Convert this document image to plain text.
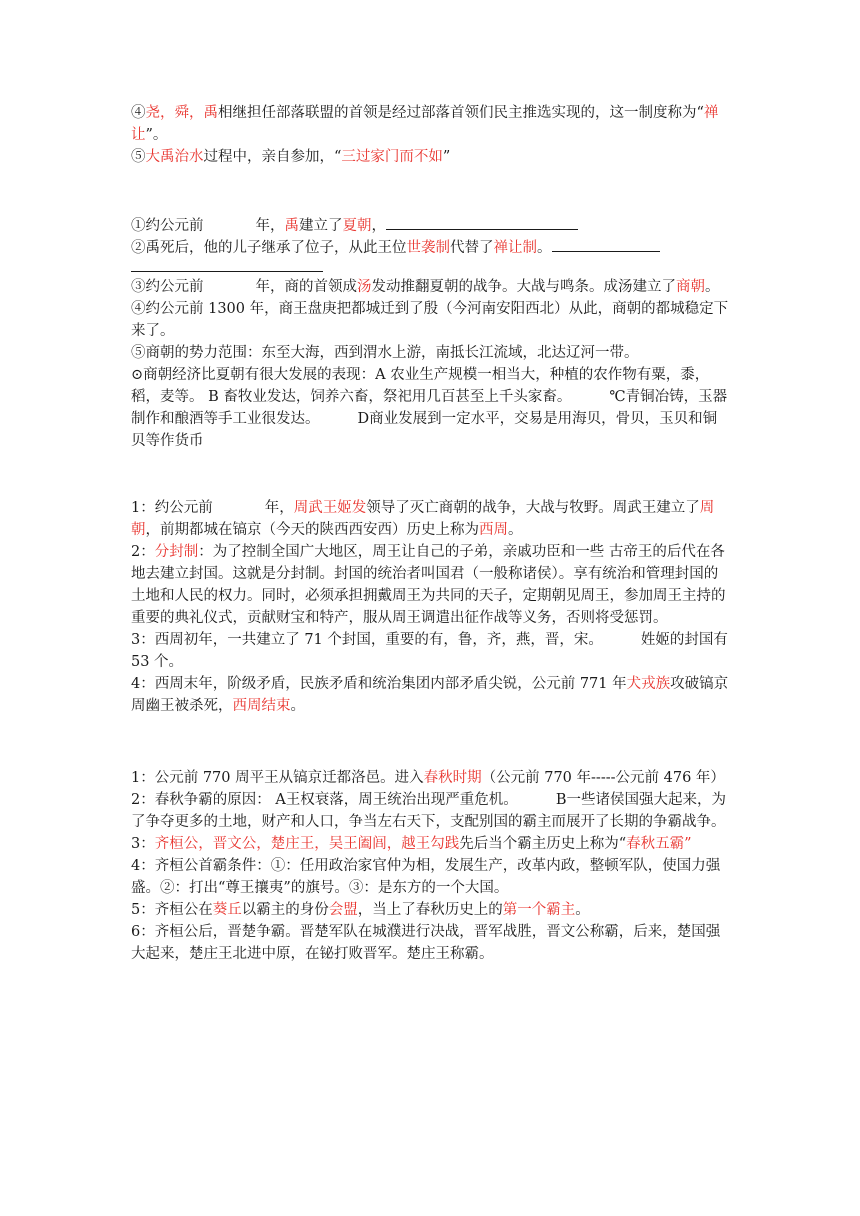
④尧，舜，禹相继担任部落联盟的首领是经过部落首领们民主推选实现的，这一制度称为“禅让”。

⑤大禹治水过程中，亲自参加，“三过家门而不如”

①约公元前	年，禹建立了夏朝，

②禹死后，他的儿子继承了位子，从此王位世袭制代替了禅让制。

③约公元前	年，商的首领成汤发动推翻夏朝的战争。大战与鸣条。成汤建立了商朝。

④约公元前 1300 年，商王盘庚把都城迁到了殷（今河南安阳西北）从此，商朝的都城稳定下来了。

⑤商朝的势力范围：东至大海，西到渭水上游，南抵长江流域，北达辽河一带。

⊙商朝经济比夏朝有很大发展的表现：A 农业生产规模一相当大，种植的农作物有粟，黍，稻，麦等。 B 畜牧业发达，饲养六畜，祭祀用几百甚至上千头家畜。	℃青铜冶铸，玉器制作和酿酒等手工业很发达。	D商业发展到一定水平，交易是用海贝，骨贝，玉贝和铜贝等作货币

1：约公元前	年，周武王姬发领导了灭亡商朝的战争，大战与牧野。周武王建立了周朝，前期都城在镐京（今天的陕西西安西）历史上称为西周。

2：分封制：为了控制全国广大地区，周王让自己的子弟，亲戚功臣和一些 古帝王的后代在各地去建立封国。这就是分封制。封国的统治者叫国君（一般称诸侯）。享有统治和管理封国的土地和人民的权力。同时，必须承担拥戴周王为共同的天子，定期朝见周王，参加周王主持的重要的典礼仪式，贡献财宝和特产，服从周王调遣出征作战等义务，否则将受惩罚。

3：西周初年，一共建立了 71 个封国，重要的有，鲁，齐，燕，晋，宋。	姓姬的封国有 53 个。

4：西周末年，阶级矛盾，民族矛盾和统治集团内部矛盾尖锐，公元前 771 年犬戎族攻破镐京周幽王被杀死，西周结束。

1：公元前 770 周平王从镐京迁都洛邑。进入春秋时期（公元前 770 年-----公元前 476 年）

2：春秋争霸的原因： A王权衰落，周王统治出现严重危机。	B一些诸侯国强大起来，为了争夺更多的土地，财产和人口，争当左右天下，支配别国的霸主而展开了长期的争霸战争。

3：齐桓公，晋文公，楚庄王，吴王阖闾，越王勾践先后当个霸主历史上称为“春秋五霸”

4：齐桓公首霸条件：①：任用政治家官仲为相，发展生产，改革内政，整顿军队，使国力强盛。②：打出“尊王攘夷”的旗号。③：是东方的一个大国。

5：齐桓公在葵丘以霸主的身份会盟，当上了春秋历史上的第一个霸主。

6：齐桓公后，晋楚争霸。晋楚军队在城濮进行决战，晋军战胜，晋文公称霸，后来，楚国强大起来，楚庄王北进中原，在铋打败晋军。楚庄王称霸。
